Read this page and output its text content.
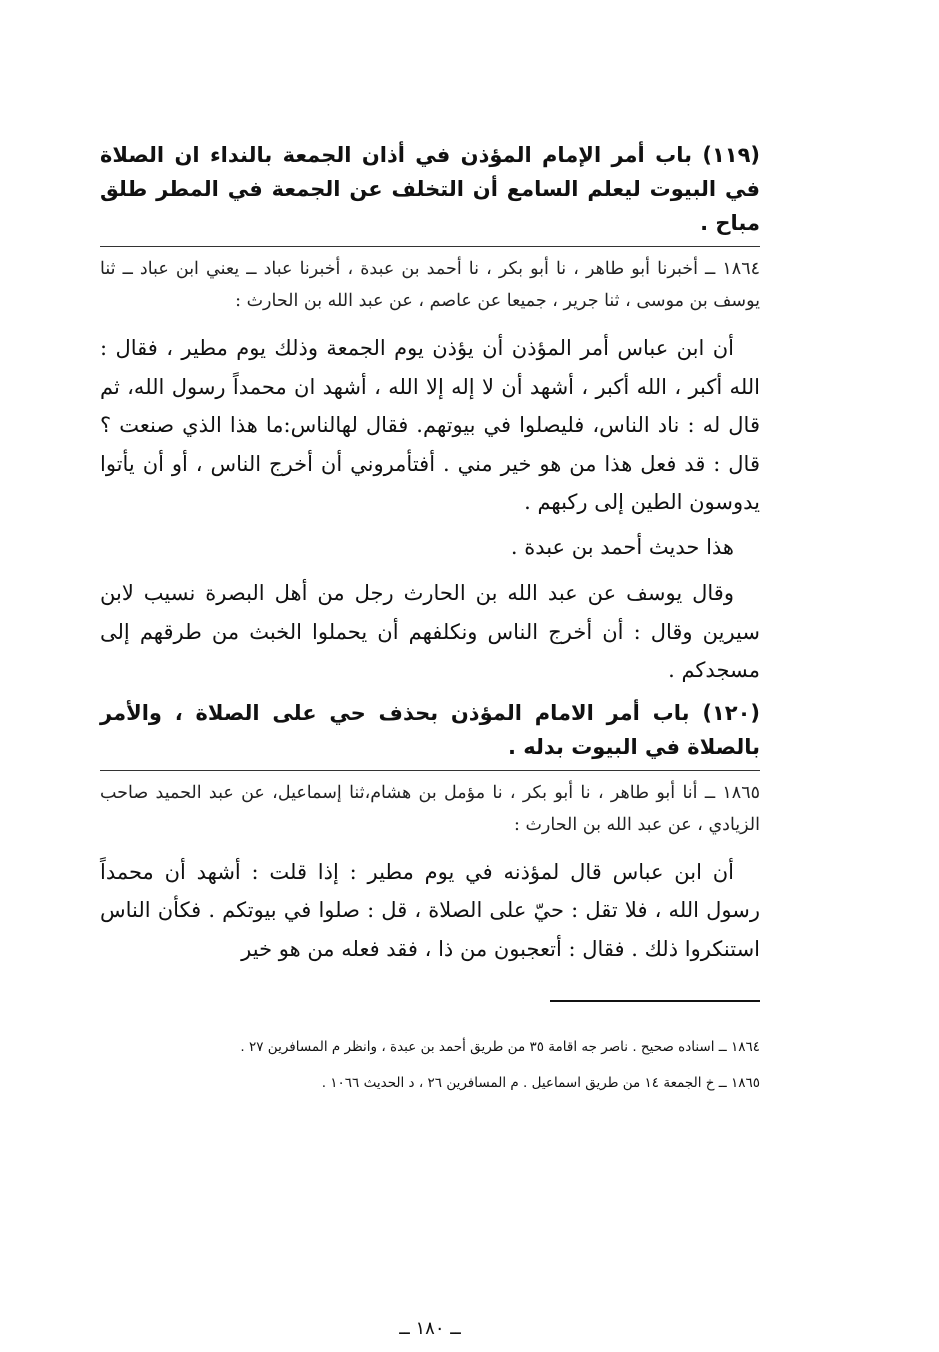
(١١٩) باب أمر الإمام المؤذن في أذان الجمعة بالنداء ان الصلاة في البيوت ليعلم السامع أن التخلف عن الجمعة في المطر طلق مباح .

١٨٦٤ ــ أخبرنا أبو طاهر ، نا أبو بكر ، نا أحمد بن عبدة ، أخبرنا عباد ــ يعني ابن عباد ــ ثنا يوسف بن موسى ، ثنا جرير ، جميعا عن عاصم ، عن عبد الله بن الحارث :

أن ابن عباس أمر المؤذن أن يؤذن يوم الجمعة وذلك يوم مطير ، فقال : الله أكبر ، الله أكبر ، أشهد أن لا إله إلا الله ، أشهد ان محمداً رسول الله، ثم قال له : ناد الناس، فليصلوا في بيوتهم. فقال لهالناس:ما هذا الذي صنعت ؟ قال : قد فعل هذا من هو خير مني . أفتأمروني أن أخرج الناس ، أو أن يأتوا يدوسون الطين إلى ركبهم .

هذا حديث أحمد بن عبدة .

وقال يوسف عن عبد الله بن الحارث رجل من أهل البصرة نسيب لابن سيرين وقال : أن أخرج الناس ونكلفهم أن يحملوا الخبث من طرقهم إلى مسجدكم .

(١٢٠) باب أمر الامام المؤذن بحذف حي على الصلاة ، والأمر بالصلاة في البيوت بدله .

١٨٦٥ ــ أنا أبو طاهر ، نا أبو بكر ، نا مؤمل بن هشام،ثنا إسماعيل، عن عبد الحميد صاحب الزيادي ، عن عبد الله بن الحارث :

أن ابن عباس قال لمؤذنه في يوم مطير : إذا قلت : أشهد أن محمداً رسول الله ، فلا تقل : حيّ على الصلاة ، قل : صلوا في بيوتكم . فكأن الناس استنكروا ذلك . فقال : أتعجبون من ذا ، فقد فعله من هو خير

١٨٦٤ ــ اسناده صحيح . ناصر جه اقامة ٣٥ من طريق أحمد بن عبدة ، وانظر م المسافرين ٢٧ .

١٨٦٥ ــ خ الجمعة ١٤ من طريق اسماعيل . م المسافرين ٢٦ ، د الحديث ١٠٦٦ .

ــ ١٨٠ ــ
